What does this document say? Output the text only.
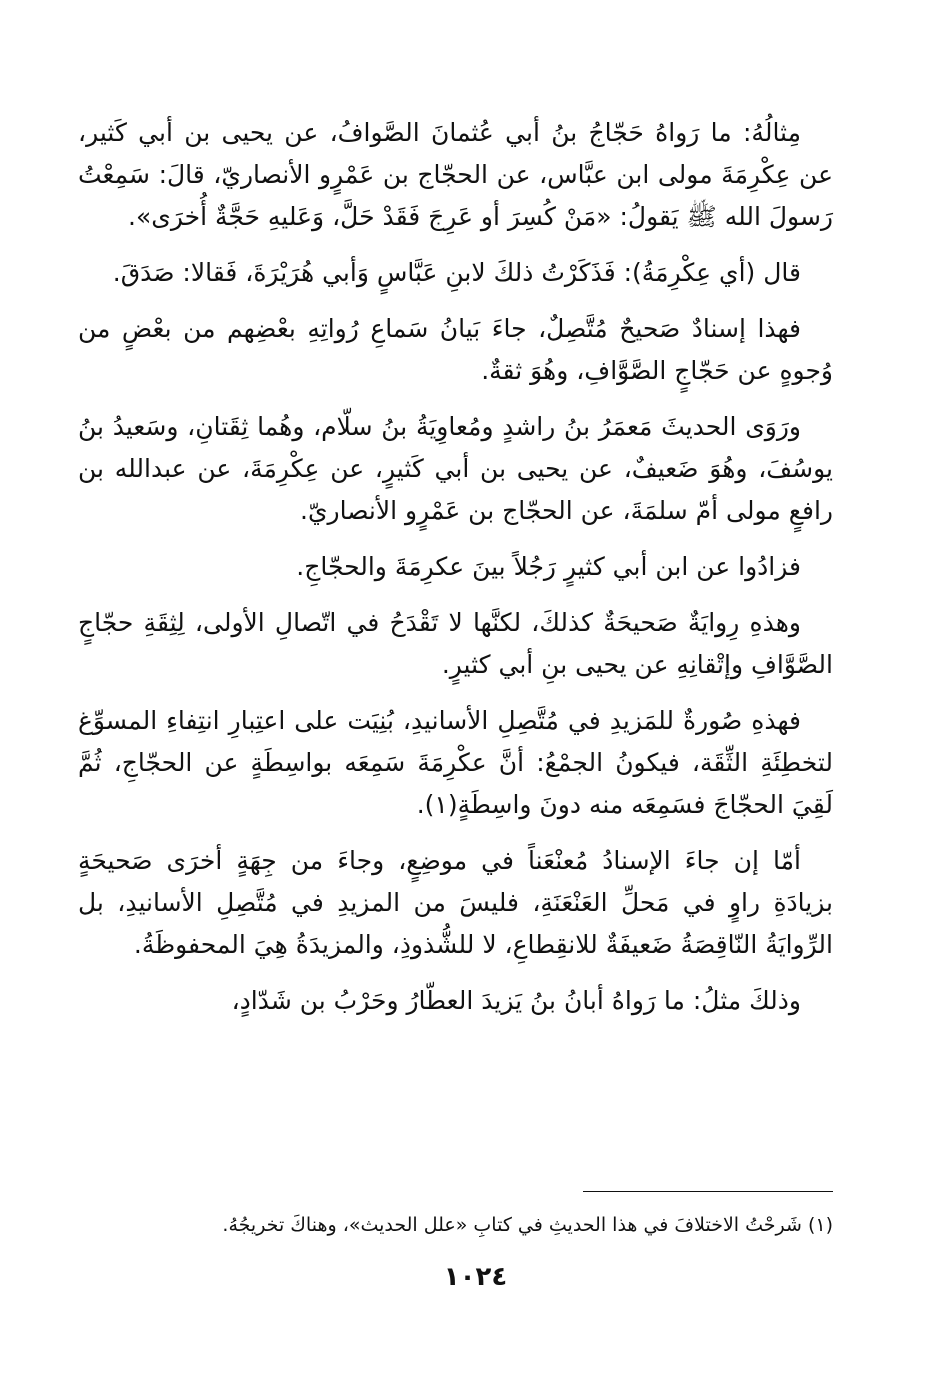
مِثالُهُ: ما رَواهُ حَجّاجُ بنُ أبي عُثمانَ الصَّوافُ، عن يحيى بن أبي كَثير، عن عِكْرِمَةَ مولى ابن عبَّاس، عن الحجّاج بن عَمْرٍو الأنصاريّ، قالَ: سَمِعْتُ رَسولَ الله ﷺ يَقولُ: «مَنْ كُسِرَ أو عَرِجَ فَقَدْ حَلَّ، وَعَليهِ حَجَّةٌ أُخرَى».

قال (أي عِكْرِمَةُ): فَذَكَرْتُ ذلكَ لابنِ عَبَّاسٍ وَأبي هُرَيْرَةَ، فَقالا: صَدَقَ.

فهذا إسنادٌ صَحيحٌ مُتَّصِلٌ، جاءَ بَيانُ سَماعِ رُواتِهِ بعْضِهم من بعْضٍ من وُجوهٍ عن حَجّاجٍ الصَّوَّافِ، وهُوَ ثقةٌ.

ورَوَى الحديثَ مَعمَرُ بنُ راشدٍ ومُعاوِيَةُ بنُ سلّام، وهُما ثِقَتانِ، وسَعيدُ بنُ يوسُفَ، وهُوَ ضَعيفٌ، عن يحيى بن أبي كَثيرٍ، عن عِكْرِمَةَ، عن عبدالله بن رافعٍ مولى أمّ سلمَةَ، عن الحجّاج بن عَمْرٍو الأنصاريّ.

فزادُوا عن ابن أبي كثيرٍ رَجُلاً بينَ عكرِمَةَ والحجّاجِ.

وهذهِ رِوايَةٌ صَحيحَةٌ كذلكَ، لكنَّها لا تَقْدَحُ في اتّصالِ الأولى، لِثِقَةِ حجّاجٍ الصَّوَّافِ وإتْقانِهِ عن يحيى بنِ أبي كثيرٍ.

فهذهِ صُورةٌ للمَزيدِ في مُتَّصِلِ الأسانيدِ، بُنِيَت على اعتِبارِ انتِفاءِ المسوِّغ لتخطِئَةِ الثِّقَة، فيكونُ الجمْعُ: أنَّ عكْرِمَةَ سَمِعَه بواسِطَةٍ عن الحجّاجِ، ثُمَّ لَقِيَ الحجّاجَ فسَمِعَه منه دونَ واسِطَةٍ(١).

أمّا إن جاءَ الإسنادُ مُعنْعَناً في موضِعٍ، وجاءَ من جِهَةٍ أخرَى صَحيحَةٍ بزيادَةِ راوٍ في مَحلِّ العَنْعَنَةِ، فليسَ من المزيدِ في مُتَّصِلِ الأسانيدِ، بل الرِّوايَةُ النّاقِصَةُ ضَعيفَةٌ للانقِطاعِ، لا للشُّذوذِ، والمزيدَةُ هِيَ المحفوظَةُ.

وذلكَ مثلُ: ما رَواهُ أبانُ بنُ يَزيدَ العطّارُ وحَرْبُ بن شَدّادٍ،

(١) شَرحْتُ الاختلافَ في هذا الحديثِ في كتابِ «علل الحديث»، وهناكَ تخريجُهُ.
١٠٢٤
